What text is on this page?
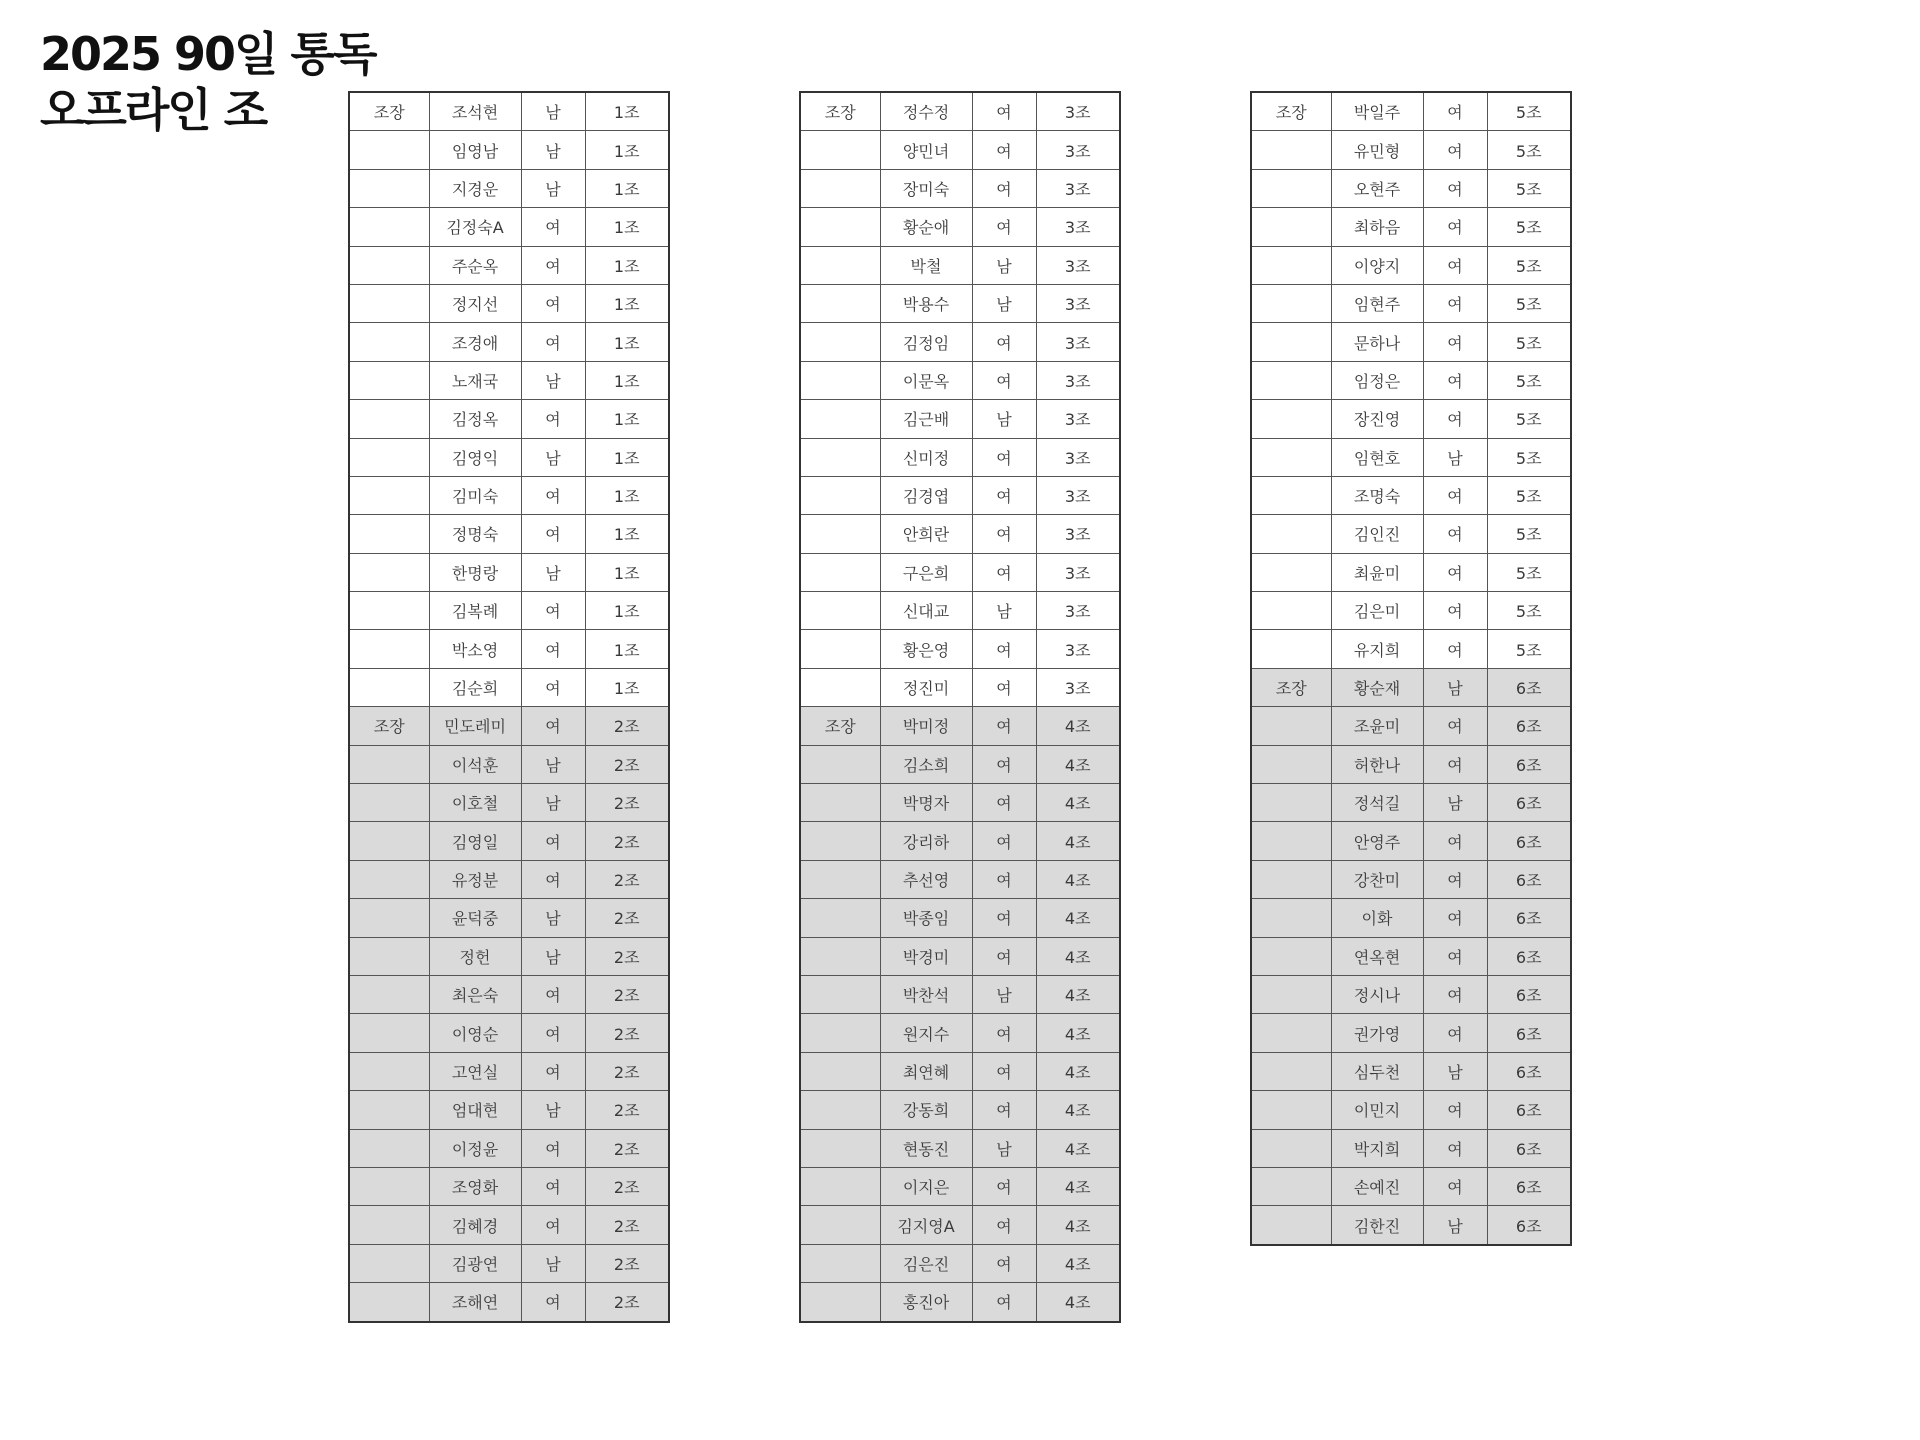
2025 90일 통독
오프라인 조	조장	조석현	남	1조
	임영남	남	1조
	지경운	남	1조
	김정숙A	여	1조
	주순옥	여	1조
	정지선	여	1조
	조경애	여	1조
	노재국	남	1조
	김정옥	여	1조
	김영익	남	1조
	김미숙	여	1조
	정명숙	여	1조
	한명랑	남	1조
	김복례	여	1조
	박소영	여	1조
	김순희	여	1조
조장	민도레미	여	2조
	이석훈	남	2조
	이호철	남	2조
	김영일	여	2조
	유정분	여	2조
	윤덕중	남	2조
	정헌	남	2조
	최은숙	여	2조
	이영순	여	2조
	고연실	여	2조
	엄대현	남	2조
	이정윤	여	2조
	조영화	여	2조
	김혜경	여	2조
	김광연	남	2조
	조해연	여	2조
조장	정수정	여	3조
	양민녀	여	3조
	장미숙	여	3조
	황순애	여	3조
	박철	남	3조
	박용수	남	3조
	김정임	여	3조
	이문옥	여	3조
	김근배	남	3조
	신미정	여	3조
	김경엽	여	3조
	안희란	여	3조
	구은희	여	3조
	신대교	남	3조
	황은영	여	3조
	정진미	여	3조
조장	박미정	여	4조
	김소희	여	4조
	박명자	여	4조
	강리하	여	4조
	추선영	여	4조
	박종임	여	4조
	박경미	여	4조
	박찬석	남	4조
	원지수	여	4조
	최연혜	여	4조
	강동희	여	4조
	현동진	남	4조
	이지은	여	4조
	김지영A	여	4조
	김은진	여	4조
	홍진아	여	4조
조장	박일주	여	5조
	유민형	여	5조
	오현주	여	5조
	최하음	여	5조
	이양지	여	5조
	임현주	여	5조
	문하나	여	5조
	임정은	여	5조
	장진영	여	5조
	임현호	남	5조
	조명숙	여	5조
	김인진	여	5조
	최윤미	여	5조
	김은미	여	5조
	유지희	여	5조
조장	황순재	남	6조
	조윤미	여	6조
	허한나	여	6조
	정석길	남	6조
	안영주	여	6조
	강찬미	여	6조
	이화	여	6조
	연옥현	여	6조
	정시나	여	6조
	권가영	여	6조
	심두천	남	6조
	이민지	여	6조
	박지희	여	6조
	손예진	여	6조
	김한진	남	6조
